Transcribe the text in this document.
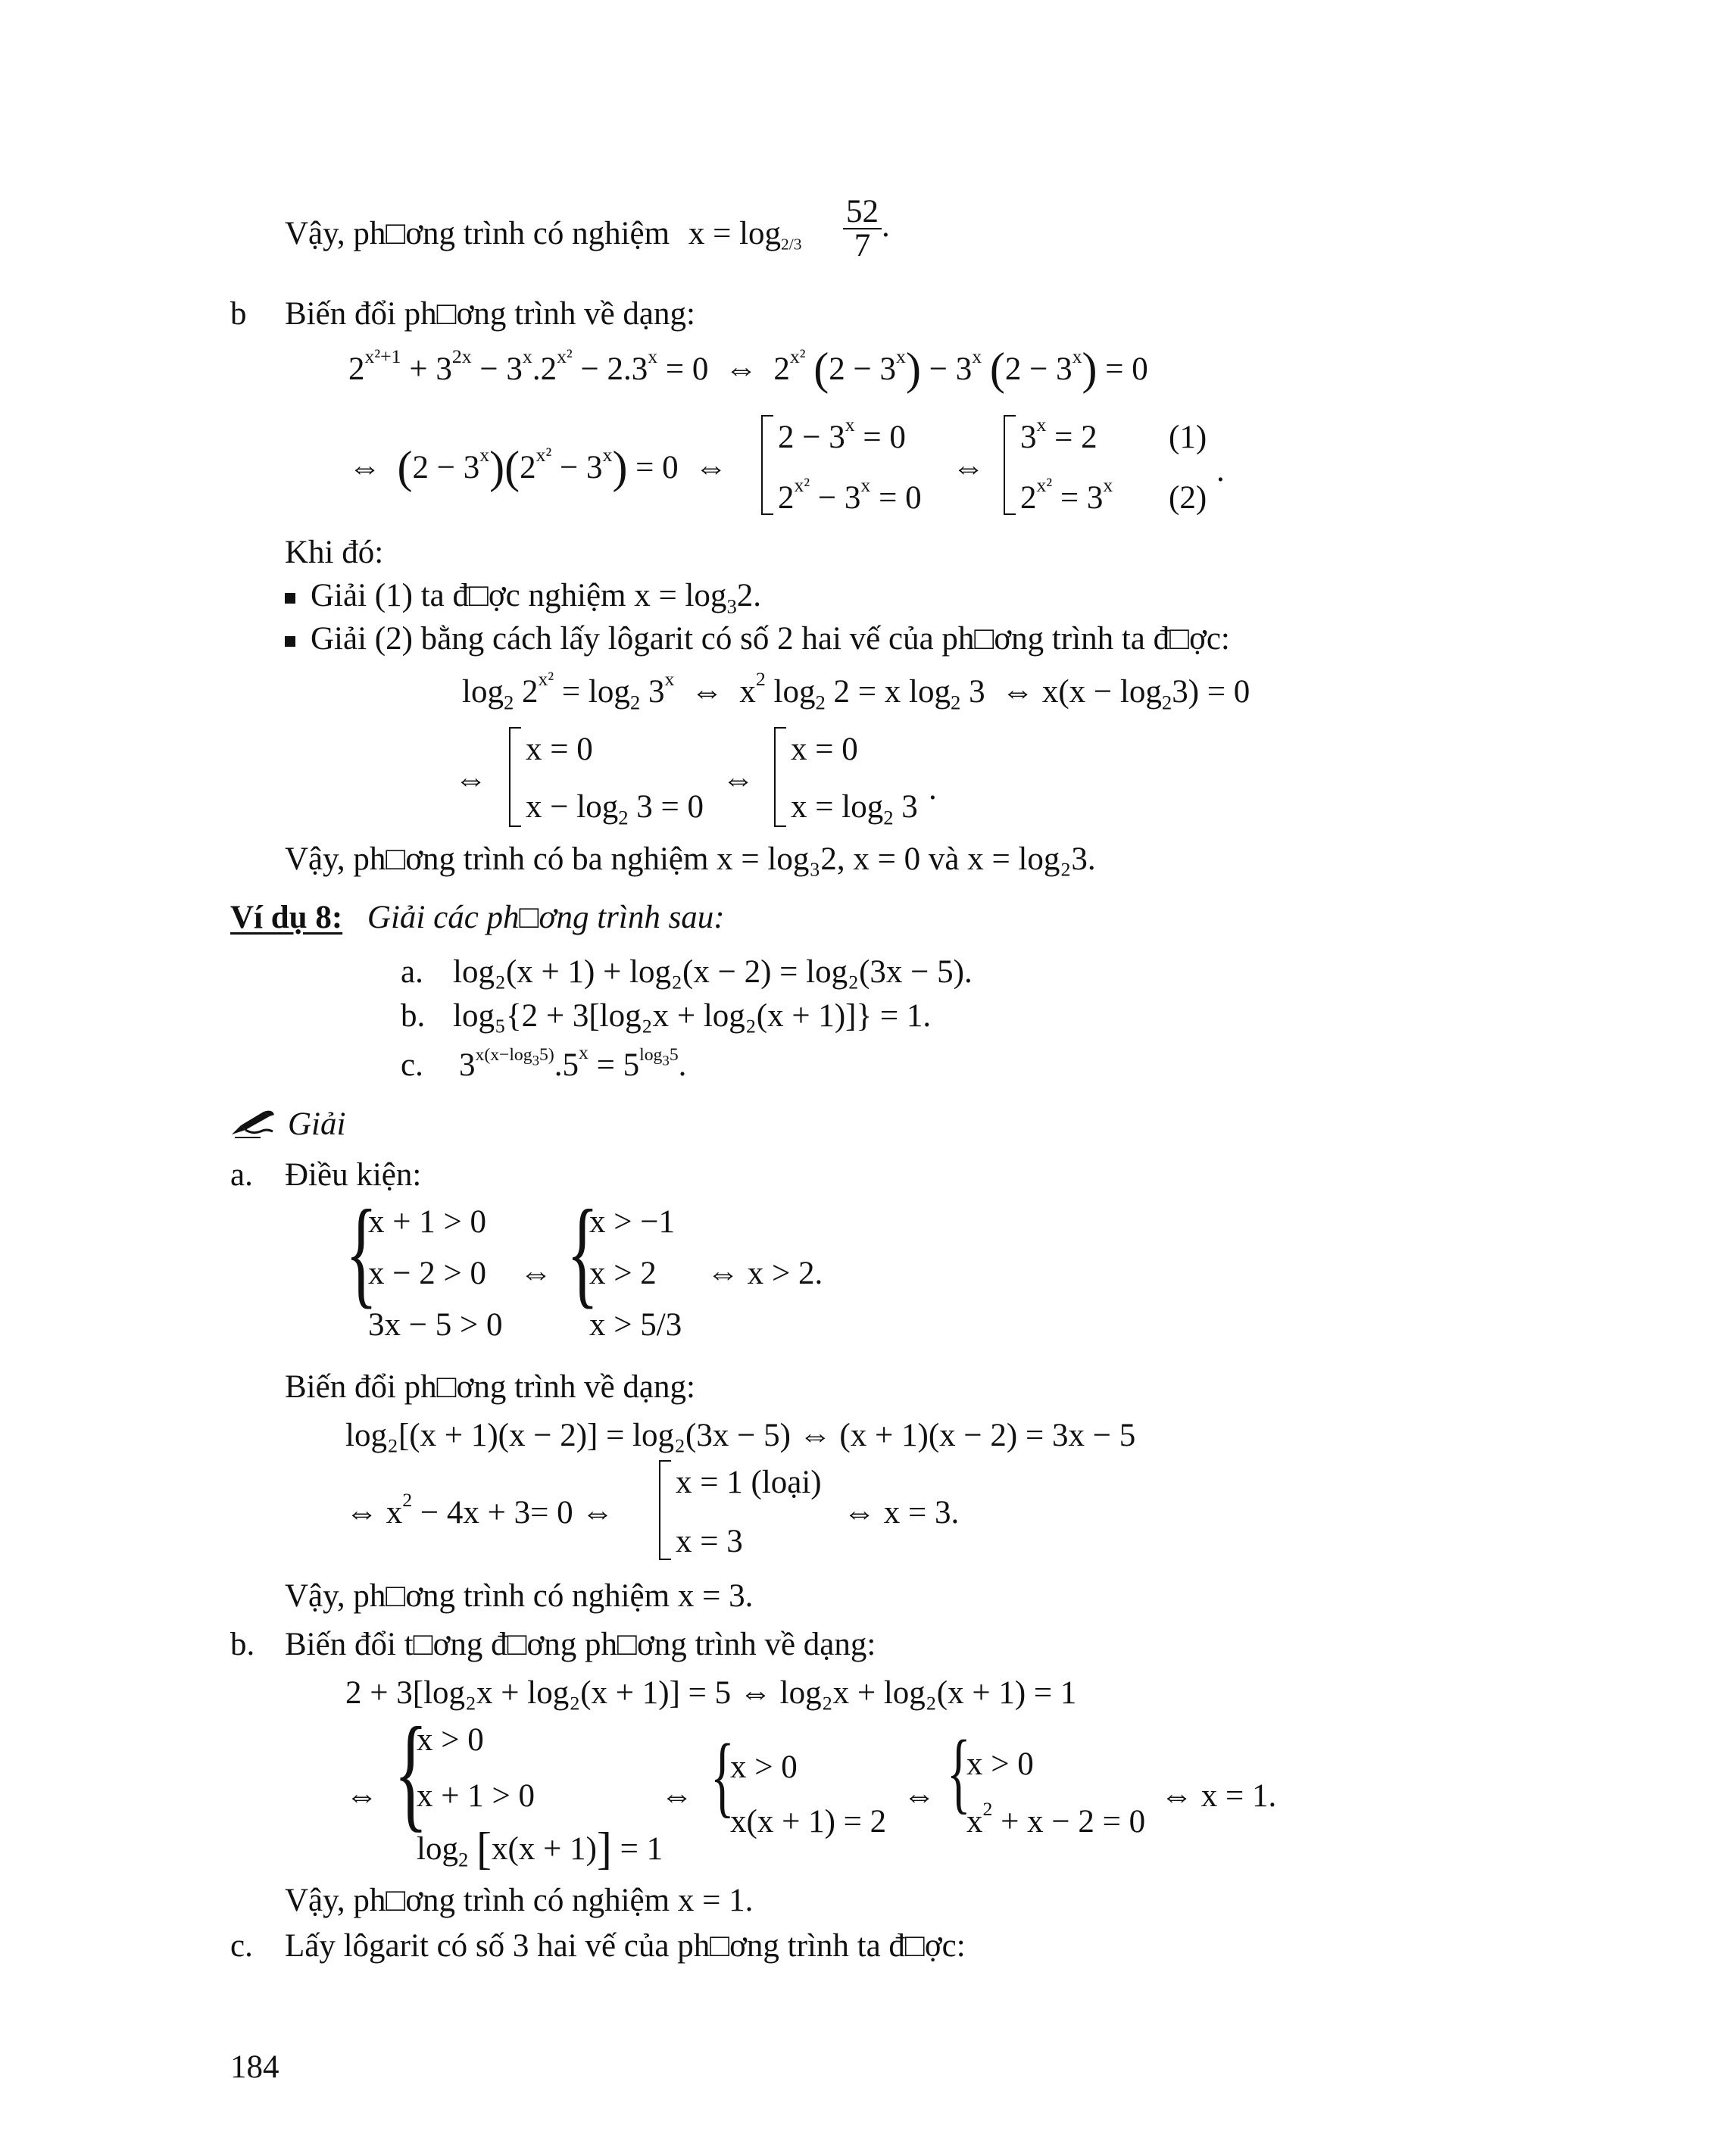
Vậy, ph□ơng trình có nghiệm $x = \log_{2/3} \frac{52}{7}$ .
b Biến đổi ph□ơng trình về dạng:
$2^{x^2+1} + 3^{2x} - 3^x.2^{x^2} - 2.3^x = 0$  ⇔  $2^{x^2}$ $(2 - 3^x) - 3^x$ $(2 - 3^x) = 0$
⇔  $(2 - 3^x)(2^{x^2} - 3^x) = 0$  ⇔
$2 - 3^x = 0$
$2^{x^2} - 3^x = 0$
⇔
$3^x = 2$
$2^{x^2} = 3^x$
(1)
(2)
.
Khi đó:
Giải (1) ta đ□ợc nghiệm $x = \log_32$.
Giải (2) bằng cách lấy lôgarit có số 2 hai vế của ph□ơng trình ta đ□ợc:
$\log_2 2^{x^2} = \log_2 3^x$  ⇔  $x^2$ $\log_2 2 = x$ $\log_2 3$  ⇔ $x(x - \log_23) = 0$
⇔
x = 0
$x - \log_2 3 = 0$
⇔
x = 0
$x = \log_2 3$
.
Vậy, ph□ơng trình có ba nghiệm x = log₃2, x = 0 và x = log₂3.
Ví dụ 8: Giải các ph□ơng trình sau:
a. log₂(x + 1) + log₂(x − 2) = log₂(3x − 5).
b. log₅{2 + 3[log₂x + log₂(x + 1)]} = 1.
c. $3^{x(x-log_35)}.5^x = 5^{log_35}$.
Giải
a. Điều kiện:
{
x + 1 > 0
x − 2 > 0
3x − 5 > 0
⇔ {
x > −1
x > 2
x > 5/3
⇔ x > 2.
Biến đổi ph□ơng trình về dạng:
log₂[(x + 1)(x − 2)] = log₂(3x − 5) ⇔ (x + 1)(x − 2) = 3x − 5
⇔ $x^2 - 4x + 3= 0$ ⇔
x = 1 (loại)
x = 3
⇔ x = 3.
Vậy, ph□ơng trình có nghiệm x = 3.
b. Biến đổi t□ơng đ□ơng ph□ơng trình về dạng:
2 + 3[log₂x + log₂(x + 1)] = 5 ⇔ log₂x + log₂(x + 1) = 1
⇔ {
x > 0
x + 1 > 0
$\log_2 [x(x + 1)] = 1$
⇔ {
x > 0
x(x + 1) = 2
⇔ {
x > 0
$x^2 + x - 2 = 0$
⇔ x = 1.
Vậy, ph□ơng trình có nghiệm x = 1.
c. Lấy lôgarit có số 3 hai vế của ph□ơng trình ta đ□ợc:
184
